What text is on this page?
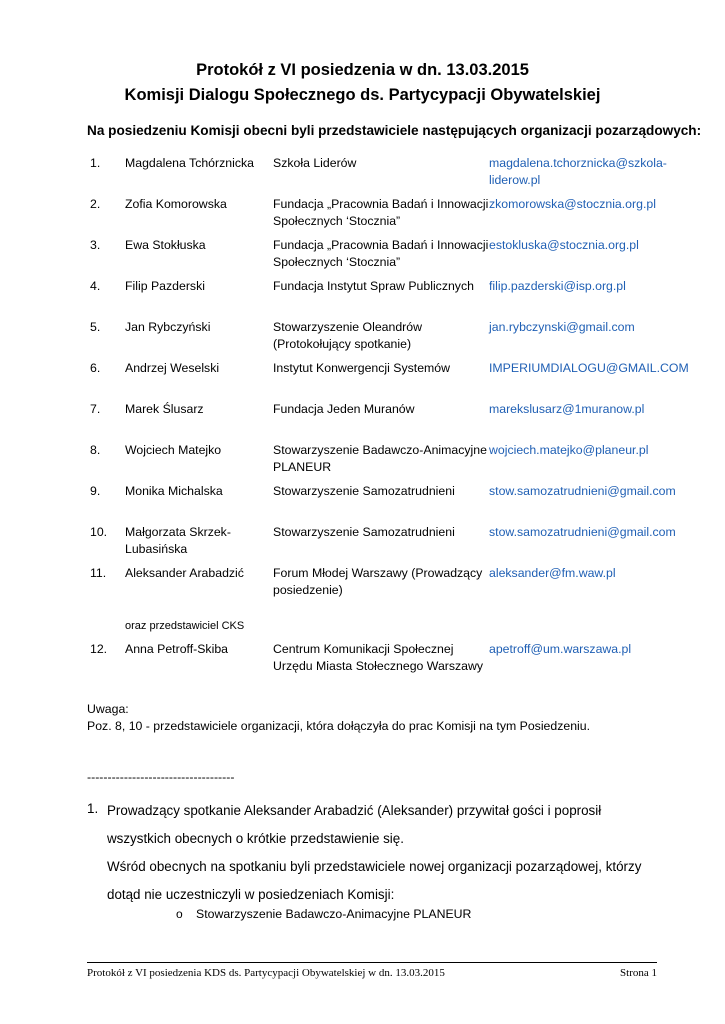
Protokół z VI posiedzenia w dn. 13.03.2015
Komisji Dialogu Społecznego ds. Partycypacji Obywatelskiej
Na posiedzeniu Komisji obecni byli przedstawiciele następujących organizacji pozarządowych:
1.	Magdalena Tchórznicka	Szkoła Liderów	magdalena.tchorznicka@szkola-liderow.pl
2.	Zofia Komorowska	Fundacja „Pracownia Badań i Innowacji Społecznych ‘Stocznia”	zkomorowska@stocznia.org.pl
3.	Ewa Stokłuska	Fundacja „Pracownia Badań i Innowacji Społecznych ‘Stocznia”	estokluska@stocznia.org.pl
4.	Filip Pazderski	Fundacja Instytut Spraw Publicznych	filip.pazderski@isp.org.pl
5.	Jan Rybczyński	Stowarzyszenie Oleandrów (Protokołujący spotkanie)	jan.rybczynski@gmail.com
6.	Andrzej Weselski	Instytut Konwergencji Systemów	IMPERIUMDIALOGU@GMAIL.COM
7.	Marek Ślusarz	Fundacja Jeden Muranów	marekslusarz@1muranow.pl
8.	Wojciech Matejko	Stowarzyszenie Badawczo-Animacyjne PLANEUR	wojciech.matejko@planeur.pl
9.	Monika Michalska	Stowarzyszenie Samozatrudnieni	stow.samozatrudnieni@gmail.com
10.	Małgorzata Skrzek-Lubasińska	Stowarzyszenie Samozatrudnieni	stow.samozatrudnieni@gmail.com
11.	Aleksander Arabadzić	Forum Młodej Warszawy (Prowadzący posiedzenie)	aleksander@fm.waw.pl
	oraz przedstawiciel CKS		
12.	Anna Petroff-Skiba	Centrum Komunikacji Społecznej Urzędu Miasta Stołecznego Warszawy	apetroff@um.warszawa.pl
Uwaga:
Poz. 8, 10 - przedstawiciele organizacji, która dołączyła do prac Komisji na tym Posiedzeniu.
------------------------------------
1. Prowadzący spotkanie Aleksander Arabadzić (Aleksander) przywitał gości i poprosił
wszystkich obecnych o krótkie przedstawienie się.
Wśród obecnych na spotkaniu byli przedstawiciele nowej organizacji pozarządowej, którzy
dotąd nie uczestniczyli w posiedzeniach Komisji:
o Stowarzyszenie Badawczo-Animacyjne PLANEUR
Protokół z VI posiedzenia KDS ds. Partycypacji Obywatelskiej w dn. 13.03.2015	Strona 1
